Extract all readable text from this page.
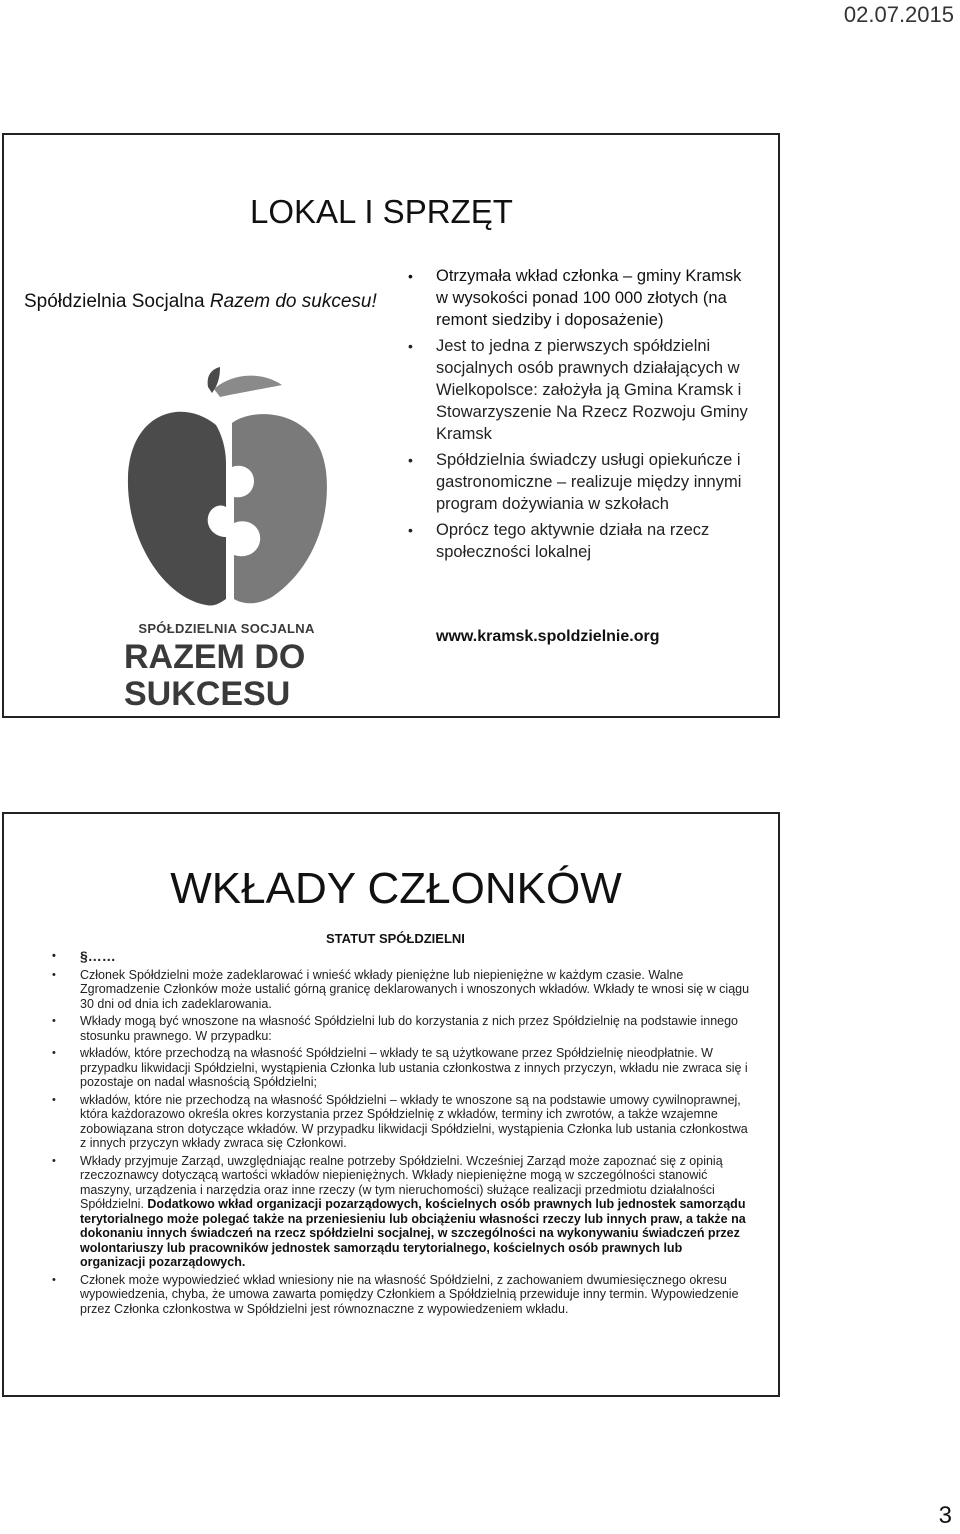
02.07.2015
LOKAL I SPRZĘT
Spółdzielnia Socjalna Razem do sukcesu!
SPÓŁDZIELNIA SOCJALNA
RAZEM DO
SUKCESU
• Otrzymała wkład członka – gminy Kramsk w wysokości ponad 100 000 złotych (na remont siedziby i doposażenie)
• Jest to jedna z pierwszych spółdzielni socjalnych osób prawnych działających w Wielkopolsce: założyła ją Gmina Kramsk i Stowarzyszenie Na Rzecz Rozwoju Gminy Kramsk
• Spółdzielnia świadczy usługi opiekuńcze i gastronomiczne – realizuje między innymi program dożywiania w szkołach
• Oprócz tego aktywnie działa na rzecz społeczności lokalnej
www.kramsk.spoldzielnie.org
WKŁADY CZŁONKÓW
STATUT SPÓŁDZIELNI
• §……
• Członek Spółdzielni może zadeklarować i wnieść wkłady pieniężne lub niepieniężne w każdym czasie. Walne Zgromadzenie Członków może ustalić górną granicę deklarowanych i wnoszonych wkładów. Wkłady te wnosi się w ciągu 30 dni od dnia ich zadeklarowania.
• Wkłady mogą być wnoszone na własność Spółdzielni lub do korzystania z nich przez Spółdzielnię na podstawie innego stosunku prawnego. W przypadku:
• wkładów, które przechodzą na własność Spółdzielni – wkłady te są użytkowane przez Spółdzielnię nieodpłatnie. W przypadku likwidacji Spółdzielni, wystąpienia Członka lub ustania członkostwa z innych przyczyn, wkładu nie zwraca się i pozostaje on nadal własnością Spółdzielni;
• wkładów, które nie przechodzą na własność Spółdzielni – wkłady te wnoszone są na podstawie umowy cywilnoprawnej, która każdorazowo określa okres korzystania przez Spółdzielnię z wkładów, terminy ich zwrotów, a także wzajemne zobowiązana stron dotyczące wkładów. W przypadku likwidacji Spółdzielni, wystąpienia Członka lub ustania członkostwa z innych przyczyn wkłady zwraca się Członkowi.
• Wkłady przyjmuje Zarząd, uwzględniając realne potrzeby Spółdzielni. Wcześniej Zarząd może zapoznać się z opinią rzeczoznawcy dotyczącą wartości wkładów niepieniężnych. Wkłady niepieniężne mogą w szczególności stanowić maszyny, urządzenia i narzędzia oraz inne rzeczy (w tym nieruchomości) służące realizacji przedmiotu działalności Spółdzielni. Dodatkowo wkład organizacji pozarządowych, kościelnych osób prawnych lub jednostek samorządu terytorialnego może polegać także na przeniesieniu lub obciążeniu własności rzeczy lub innych praw, a także na dokonaniu innych świadczeń na rzecz spółdzielni socjalnej, w szczególności na wykonywaniu świadczeń przez wolontariuszy lub pracowników jednostek samorządu terytorialnego, kościelnych osób prawnych lub organizacji pozarządowych.
• Członek może wypowiedzieć wkład wniesiony nie na własność Spółdzielni, z zachowaniem dwumiesięcznego okresu wypowiedzenia, chyba, że umowa zawarta pomiędzy Członkiem a Spółdzielnią przewiduje inny termin. Wypowiedzenie przez Członka członkostwa w Spółdzielni jest równoznaczne z wypowiedzeniem wkładu.
3
